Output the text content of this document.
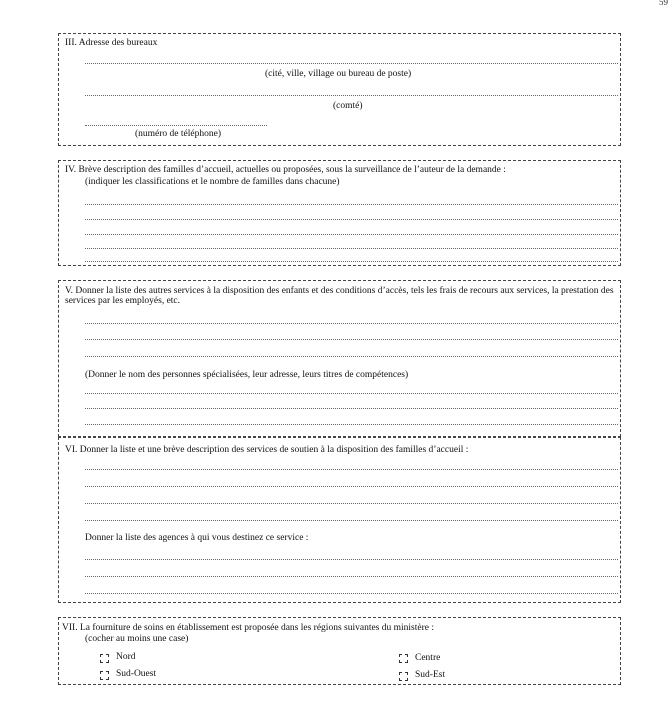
59
III. Adresse des bureaux
(cité, ville, village ou bureau de poste)
(comté)
(numéro de téléphone)
IV. Brève description des familles d’accueil, actuelles ou proposées, sous la surveillance de l’auteur de la demande :
(indiquer les classifications et le nombre de familles dans chacune)
V. Donner la liste des autres services à la disposition des enfants et des conditions d’accès, tels les frais de recours aux services, la prestation des services par les employés, etc.
(Donner le nom des personnes spécialisées, leur adresse, leurs titres de compétences)
VI. Donner la liste et une brève description des services de soutien à la disposition des familles d’accueil :
Donner la liste des agences à qui vous destinez ce service :
VII. La fourniture de soins en établissement est proposée dans les régions suivantes du ministère :
(cocher au moins une case)
Nord	Centre
Sud-Ouest	Sud-Est
